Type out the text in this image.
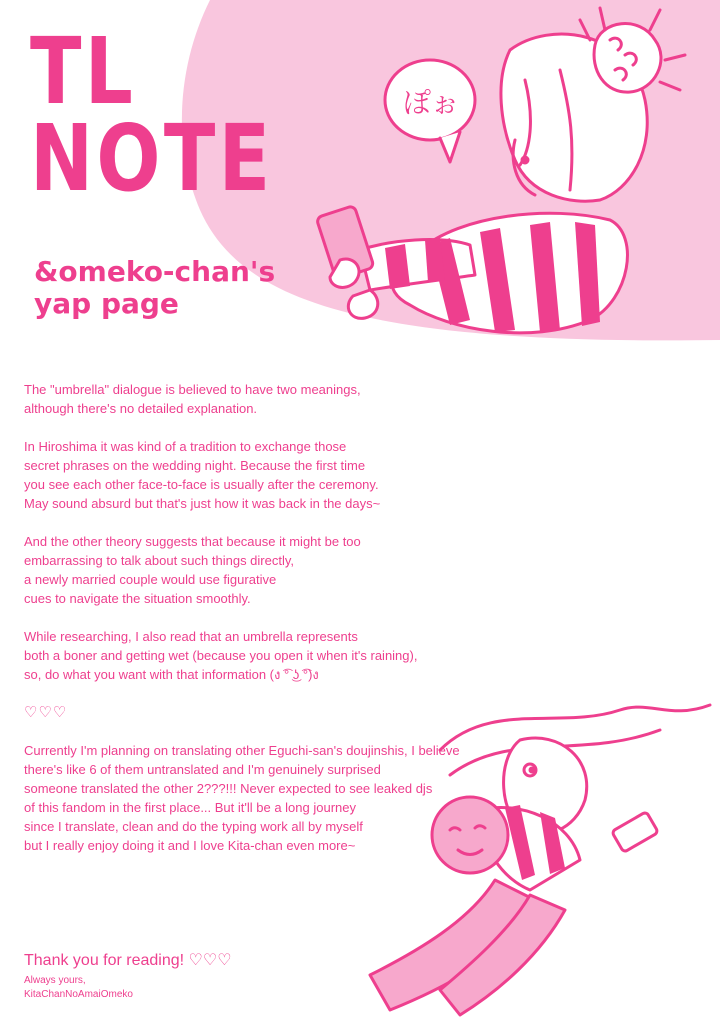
TL
NOTE
&omeko-chan's
yap page
ぽぉ

The "umbrella" dialogue is believed to have two meanings,
although there's no detailed explanation.

In Hiroshima it was kind of a tradition to exchange those
secret phrases on the wedding night. Because the first time
you see each other face-to-face is usually after the ceremony.
May sound absurd but that's just how it was back in the days~

And the other theory suggests that because it might be too
embarrassing to talk about such things directly,
a newly married couple would use figurative
cues to navigate the situation smoothly.

While researching, I also read that an umbrella represents
both a boner and getting wet (because you open it when it's raining),
so, do what you want with that information (ง ͡° ͜ʖ ͡°)ง

♡♡♡

Currently I'm planning on translating other Eguchi-san's doujinshis, I believe
there's like 6 of them untranslated and I'm genuinely surprised
someone translated the other 2???!!! Never expected to see leaked djs
of this fandom in the first place... But it'll be a long journey
since I translate, clean and do the typing work all by myself
but I really enjoy doing it and I love Kita-chan even more~

Thank you for reading! ♡♡♡
Always yours,
KitaChanNoAmaiOmeko
